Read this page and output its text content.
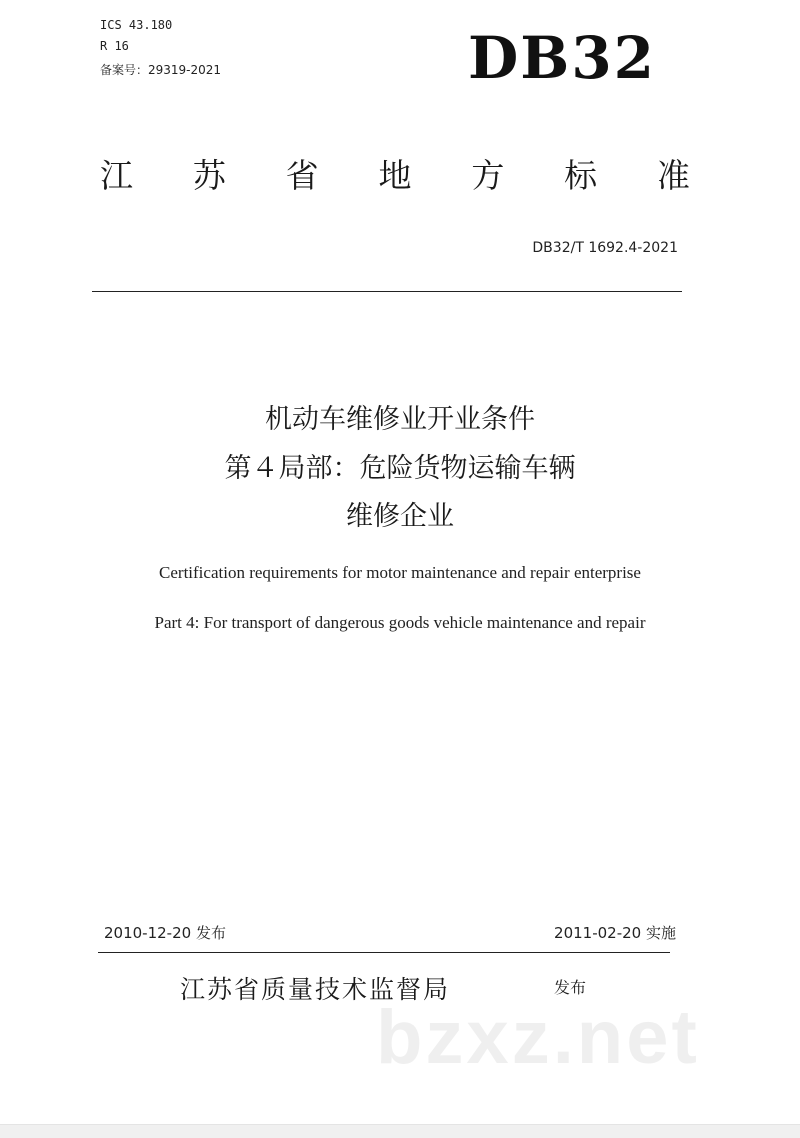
ICS 43.180
R 16
备案号：29319-2021	DB32
江 苏 省 地 方 标 准
DB32/T 1692.4-2021
机动车维修业开业条件
第４局部：危险货物运输车辆
维修企业
Certification requirements for motor maintenance and repair enterprise
Part 4: For transport of dangerous goods vehicle maintenance and repair
2010-12-20 发布	2011-02-20 实施
江苏省质量技术监督局	发布
bzxz.net
